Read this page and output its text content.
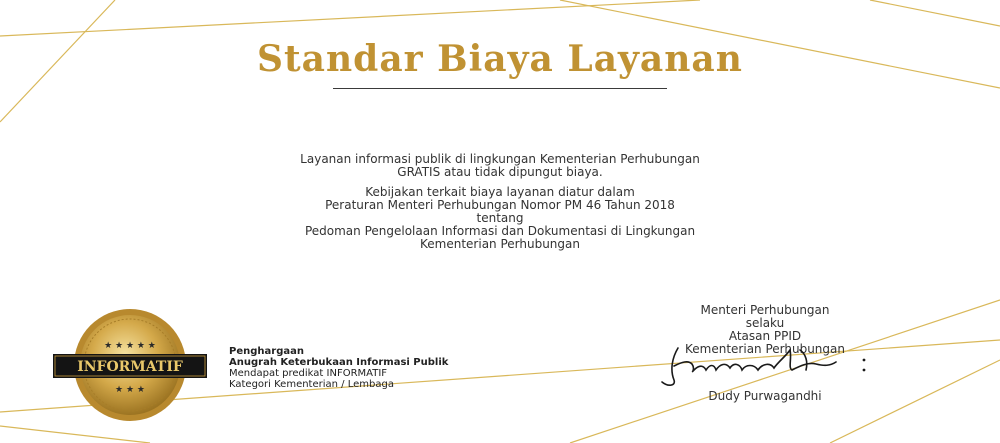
Standar Biaya Layanan
Layanan informasi publik di lingkungan Kementerian Perhubungan
GRATIS atau tidak dipungut biaya.
Kebijakan terkait biaya layanan diatur dalam
Peraturan Menteri Perhubungan Nomor PM 46 Tahun 2018
tentang
Pedoman Pengelolaan Informasi dan Dokumentasi di Lingkungan
Kementerian Perhubungan
INFORMATIF
★ ★ ★ ★ ★
★ ★ ★
Penghargaan
Anugrah Keterbukaan Informasi Publik
Mendapat predikat INFORMATIF
Kategori Kementerian / Lembaga
Menteri Perhubungan
selaku
Atasan PPID
Kementerian Perhubungan
Dudy Purwagandhi
